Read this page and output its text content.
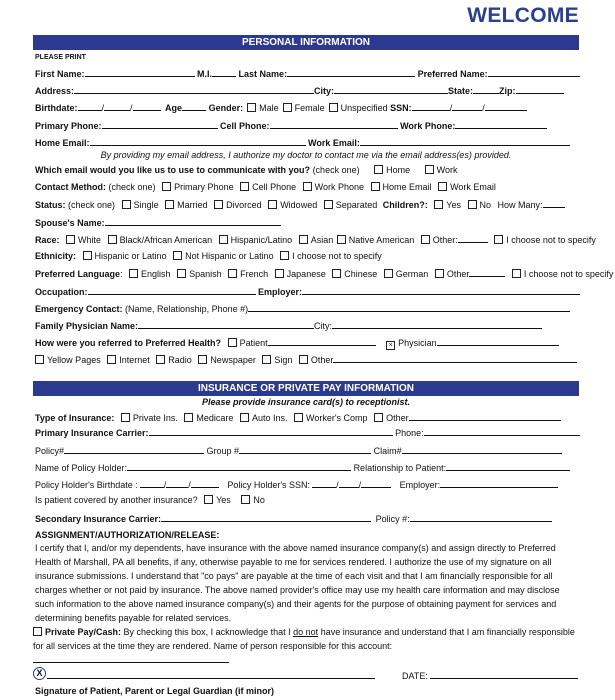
WELCOME
PERSONAL INFORMATION
PLEASE PRINT
First Name:	M.I.	Last Name:	Preferred Name:
Address:	City:	State:	Zip:
Birthdate:	/	/	Age	Gender: Male Female Unspecified SSN:	/	/
Primary Phone:	Cell Phone:	Work Phone:
Home Email:	Work Email:
By providing my email address, I authorize my doctor to contact me via the email address(es) provided.
Which email would you like us to use to communicate with you? (check one)	Home	Work
Contact Method: (check one) Primary Phone Cell Phone Work Phone Home Email Work Email
Status: (check one) Single Married Divorced Widowed Separated Children?: Yes No How Many:
Spouse's Name:
Race: White Black/African American Hispanic/Latino Asian Native American Other:	I choose not to specify
Ethnicity: Hispanic or Latino Not Hispanic or Latino I choose not to specify
Preferred Language: English Spanish French Japanese Chinese German Other	I choose not to specify
Occupation:	Employer:
Emergency Contact: (Name, Relationship, Phone #)
Family Physician Name:	City:
How were you referred to Preferred Health? Patient	× Physician
Yellow Pages Internet Radio Newspaper Sign Other
INSURANCE OR PRIVATE PAY INFORMATION
Please provide insurance card(s) to receptionist.
Type of Insurance: Private Ins. Medicare Auto Ins. Worker's Comp Other
Primary Insurance Carrier:	Phone:
Policy#	Group #	Claim#
Name of Policy Holder:	Relationship to Patient:
Policy Holder's Birthdate :	/ /	Policy Holder's SSN:	/ /	Employer:
Is patient covered by another insurance? Yes	No
Secondary Insurance Carrier:	Policy #:
ASSIGNMENT/AUTHORIZATION/RELEASE:
I certify that I, and/or my dependents, have insurance with the above named insurance company(s) and assign directly to Preferred Health of Marshall, PA all benefits, if any, otherwise payable to me for services rendered. I authorize the use of my signature on all insurance submissions. I understand that "co pays" are payable at the time of each visit and that I am financially responsible for all charges whether or not paid by insurance. The above named provider's office may use my health care information and may disclose such information to the above named insurance company(s) and their agents for the purpose of obtaining payment for services and determining benefits payable for related services.
Private Pay/Cash: By checking this box, I acknowledge that I do not have insurance and understand that I am financially responsible for all services at the time they are rendered. Name of person responsible for this account:
X	DATE:
Signature of Patient, Parent or Legal Guardian (if minor)
